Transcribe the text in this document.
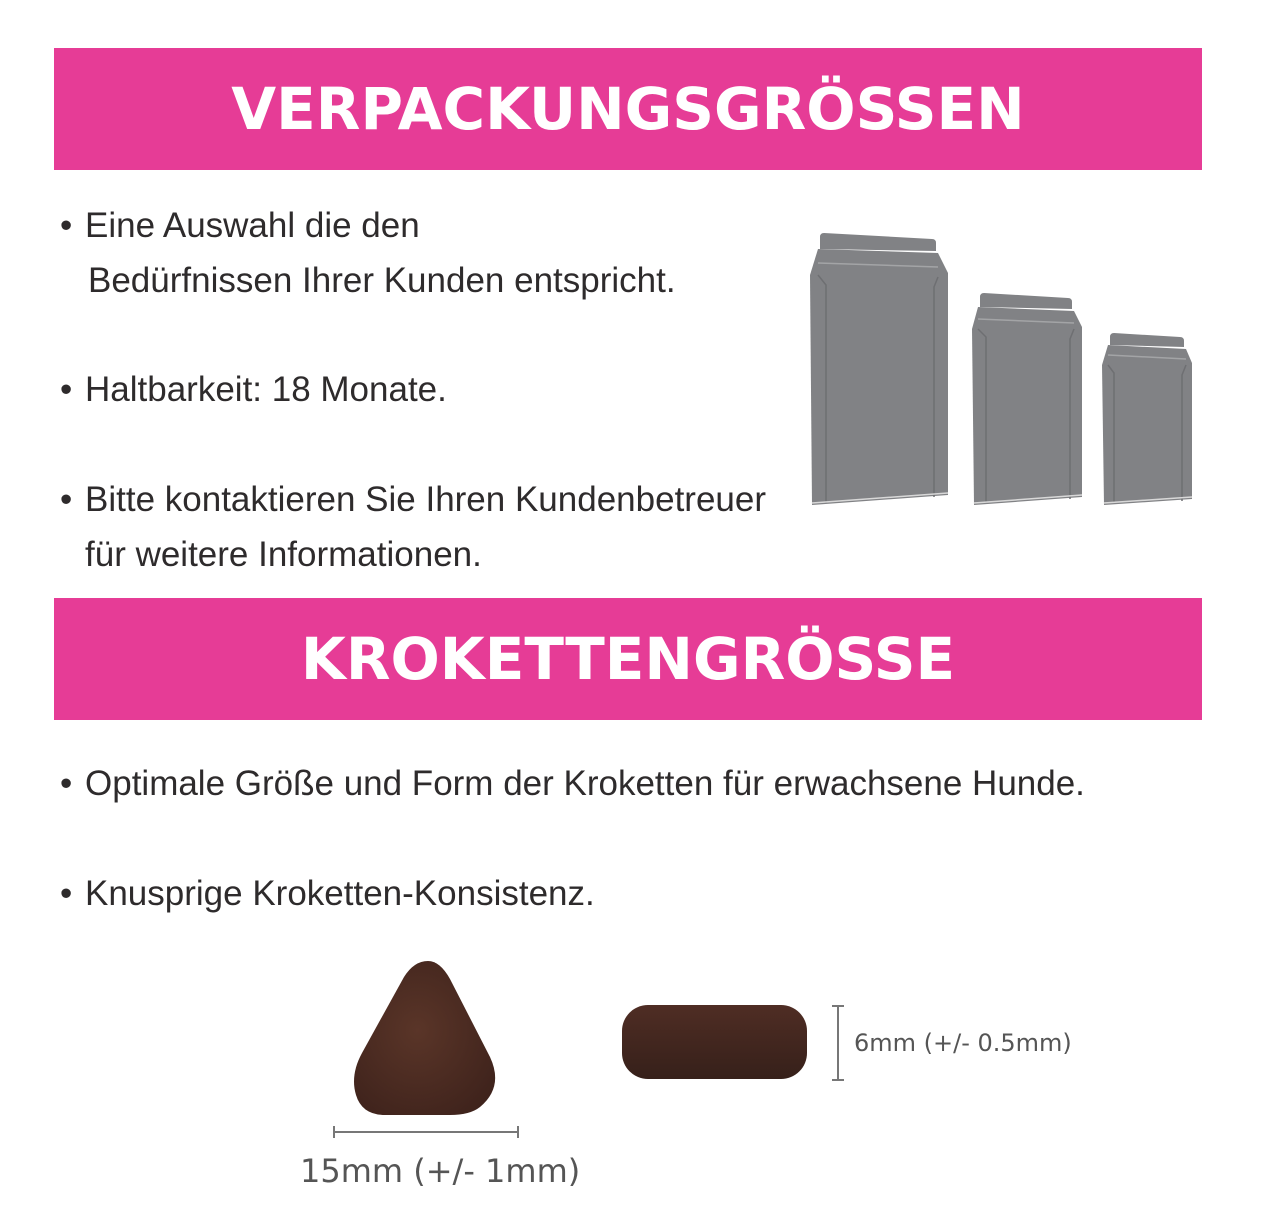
VERPACKUNGSGRÖSSEN
• Eine Auswahl die den
Bedürfnissen Ihrer Kunden entspricht.
• Haltbarkeit: 18 Monate.
• Bitte kontaktieren Sie Ihren Kundenbetreuer
für weitere Informationen.
KROKETTENGRÖSSE
• Optimale Größe und Form der Kroketten für erwachsene Hunde.
• Knusprige Kroketten-Konsistenz.
15mm (+/- 1mm)
6mm (+/- 0.5mm)
